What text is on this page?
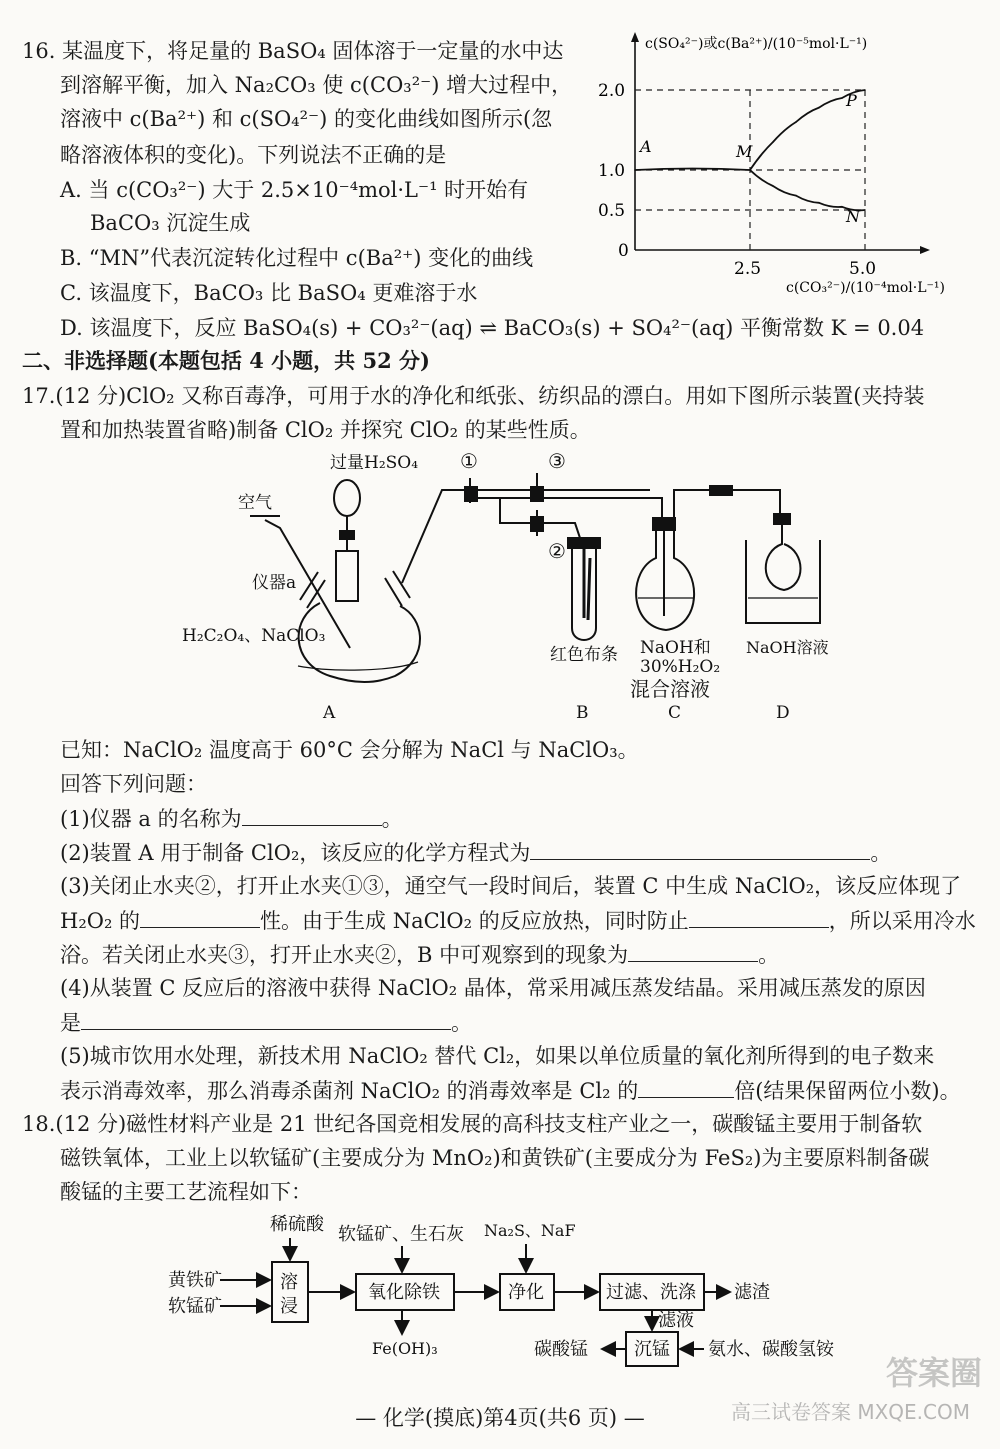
16. 某温度下，将足量的 BaSO₄ 固体溶于一定量的水中达
到溶解平衡，加入 Na₂CO₃ 使 c(CO₃²⁻) 增大过程中，
溶液中 c(Ba²⁺) 和 c(SO₄²⁻) 的变化曲线如图所示(忽
略溶液体积的变化)。下列说法不正确的是
A. 当 c(CO₃²⁻) 大于 2.5×10⁻⁴mol·L⁻¹ 时开始有
BaCO₃ 沉淀生成
B. “MN”代表沉淀转化过程中 c(Ba²⁺) 变化的曲线
C. 该温度下，BaCO₃ 比 BaSO₄ 更难溶于水
D. 该温度下，反应 BaSO₄(s) + CO₃²⁻(aq) ⇌ BaCO₃(s) + SO₄²⁻(aq) 平衡常数 K = 0.04
c(SO₄²⁻)或c(Ba²⁺)/(10⁻⁵mol·L⁻¹)
c(CO₃²⁻)/(10⁻⁴mol·L⁻¹)
0
2.0
1.0
0.5
2.5	5.0
A	M
P
N
二、非选择题(本题包括 4 小题，共 52 分)
17.(12 分)ClO₂ 又称百毒净，可用于水的净化和纸张、纺织品的漂白。用如下图所示装置(夹持装
置和加热装置省略)制备 ClO₂ 并探究 ClO₂ 的某些性质。
过量H₂SO₄
空气
仪器a
H₂C₂O₄、NaClO₃
①	③
②
红色布条 NaOH和
30%H₂O₂
混合溶液
NaOH溶液
A	B	C	D
已知：NaClO₂ 温度高于 60°C 会分解为 NaCl 与 NaClO₃。
回答下列问题：
(1)仪器 a 的名称为	。
(2)装置 A 用于制备 ClO₂，该反应的化学方程式为	。
(3)关闭止水夹②，打开止水夹①③，通空气一段时间后，装置 C 中生成 NaClO₂，该反应体现了
H₂O₂ 的	性。由于生成 NaClO₂ 的反应放热，同时防止	，所以采用冷水
浴。若关闭止水夹③，打开止水夹②，B 中可观察到的现象为	。
(4)从装置 C 反应后的溶液中获得 NaClO₂ 晶体，常采用减压蒸发结晶。采用减压蒸发的原因
是	。
(5)城市饮用水处理，新技术用 NaClO₂ 替代 Cl₂，如果以单位质量的氧化剂所得到的电子数来
表示消毒效率，那么消毒杀菌剂 NaClO₂ 的消毒效率是 Cl₂ 的	倍(结果保留两位小数)。
18.(12 分)磁性材料产业是 21 世纪各国竞相发展的高科技支柱产业之一，碳酸锰主要用于制备软
磁铁氧体，工业上以软锰矿(主要成分为 MnO₂)和黄铁矿(主要成分为 FeS₂)为主要原料制备碳
酸锰的主要工艺流程如下：
稀硫酸 软锰矿、生石灰 Na₂S、NaF
黄铁矿
软锰矿
溶
浸
氧化除铁	净化	过滤、洗涤 滤渣
Fe(OH)₃
滤液
沉锰
碳酸锰	氨水、碳酸氢铵
— 化学(摸底)第4页(共6 页) —
答案圈
高三试卷答案 MXQE.COM
